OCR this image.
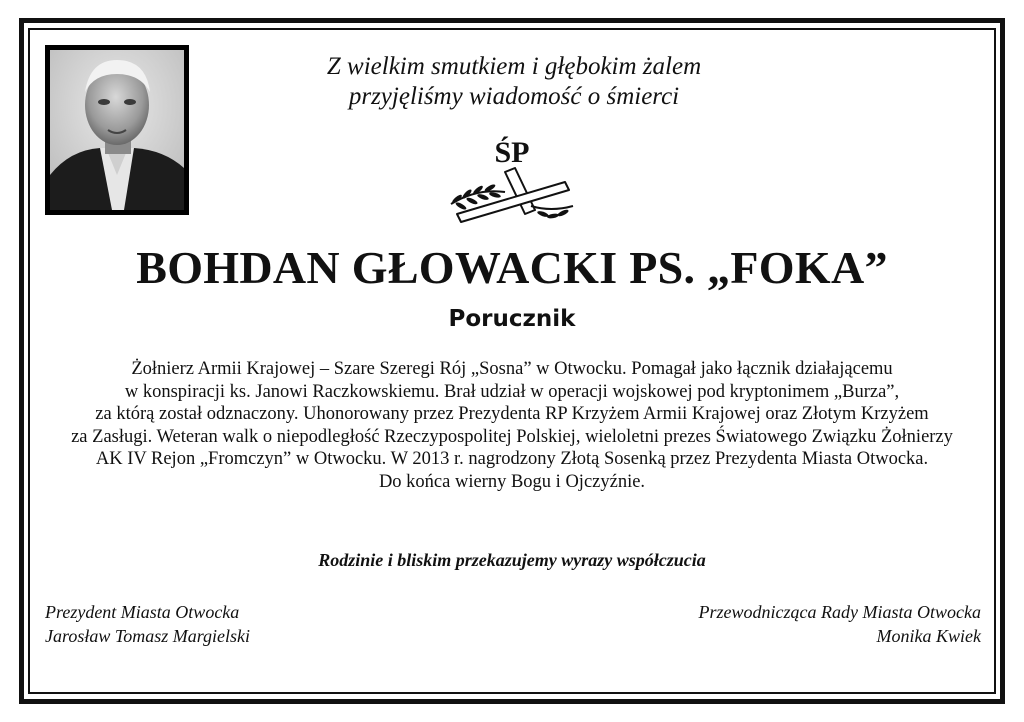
Z wielkim smutkiem i głębokim żalem
przyjęliśmy wiadomość o śmierci
ŚP
BOHDAN GŁOWACKI PS. „FOKA”
Porucznik
Żołnierz Armii Krajowej – Szare Szeregi Rój „Sosna” w Otwocku. Pomagał jako łącznik działającemu
w konspiracji ks. Janowi Raczkowskiemu. Brał udział w operacji wojskowej pod kryptonimem „Burza”,
za którą został odznaczony. Uhonorowany przez Prezydenta RP Krzyżem Armii Krajowej oraz Złotym Krzyżem
za Zasługi. Weteran walk o niepodległość Rzeczypospolitej Polskiej, wieloletni prezes Światowego Związku Żołnierzy
AK IV Rejon „Fromczyn” w Otwocku. W 2013 r. nagrodzony Złotą Sosenką przez Prezydenta Miasta Otwocka.
Do końca wierny Bogu i Ojczyźnie.
Rodzinie i bliskim przekazujemy wyrazy współczucia
Prezydent Miasta Otwocka
Jarosław Tomasz Margielski
Przewodnicząca Rady Miasta Otwocka
Monika Kwiek
